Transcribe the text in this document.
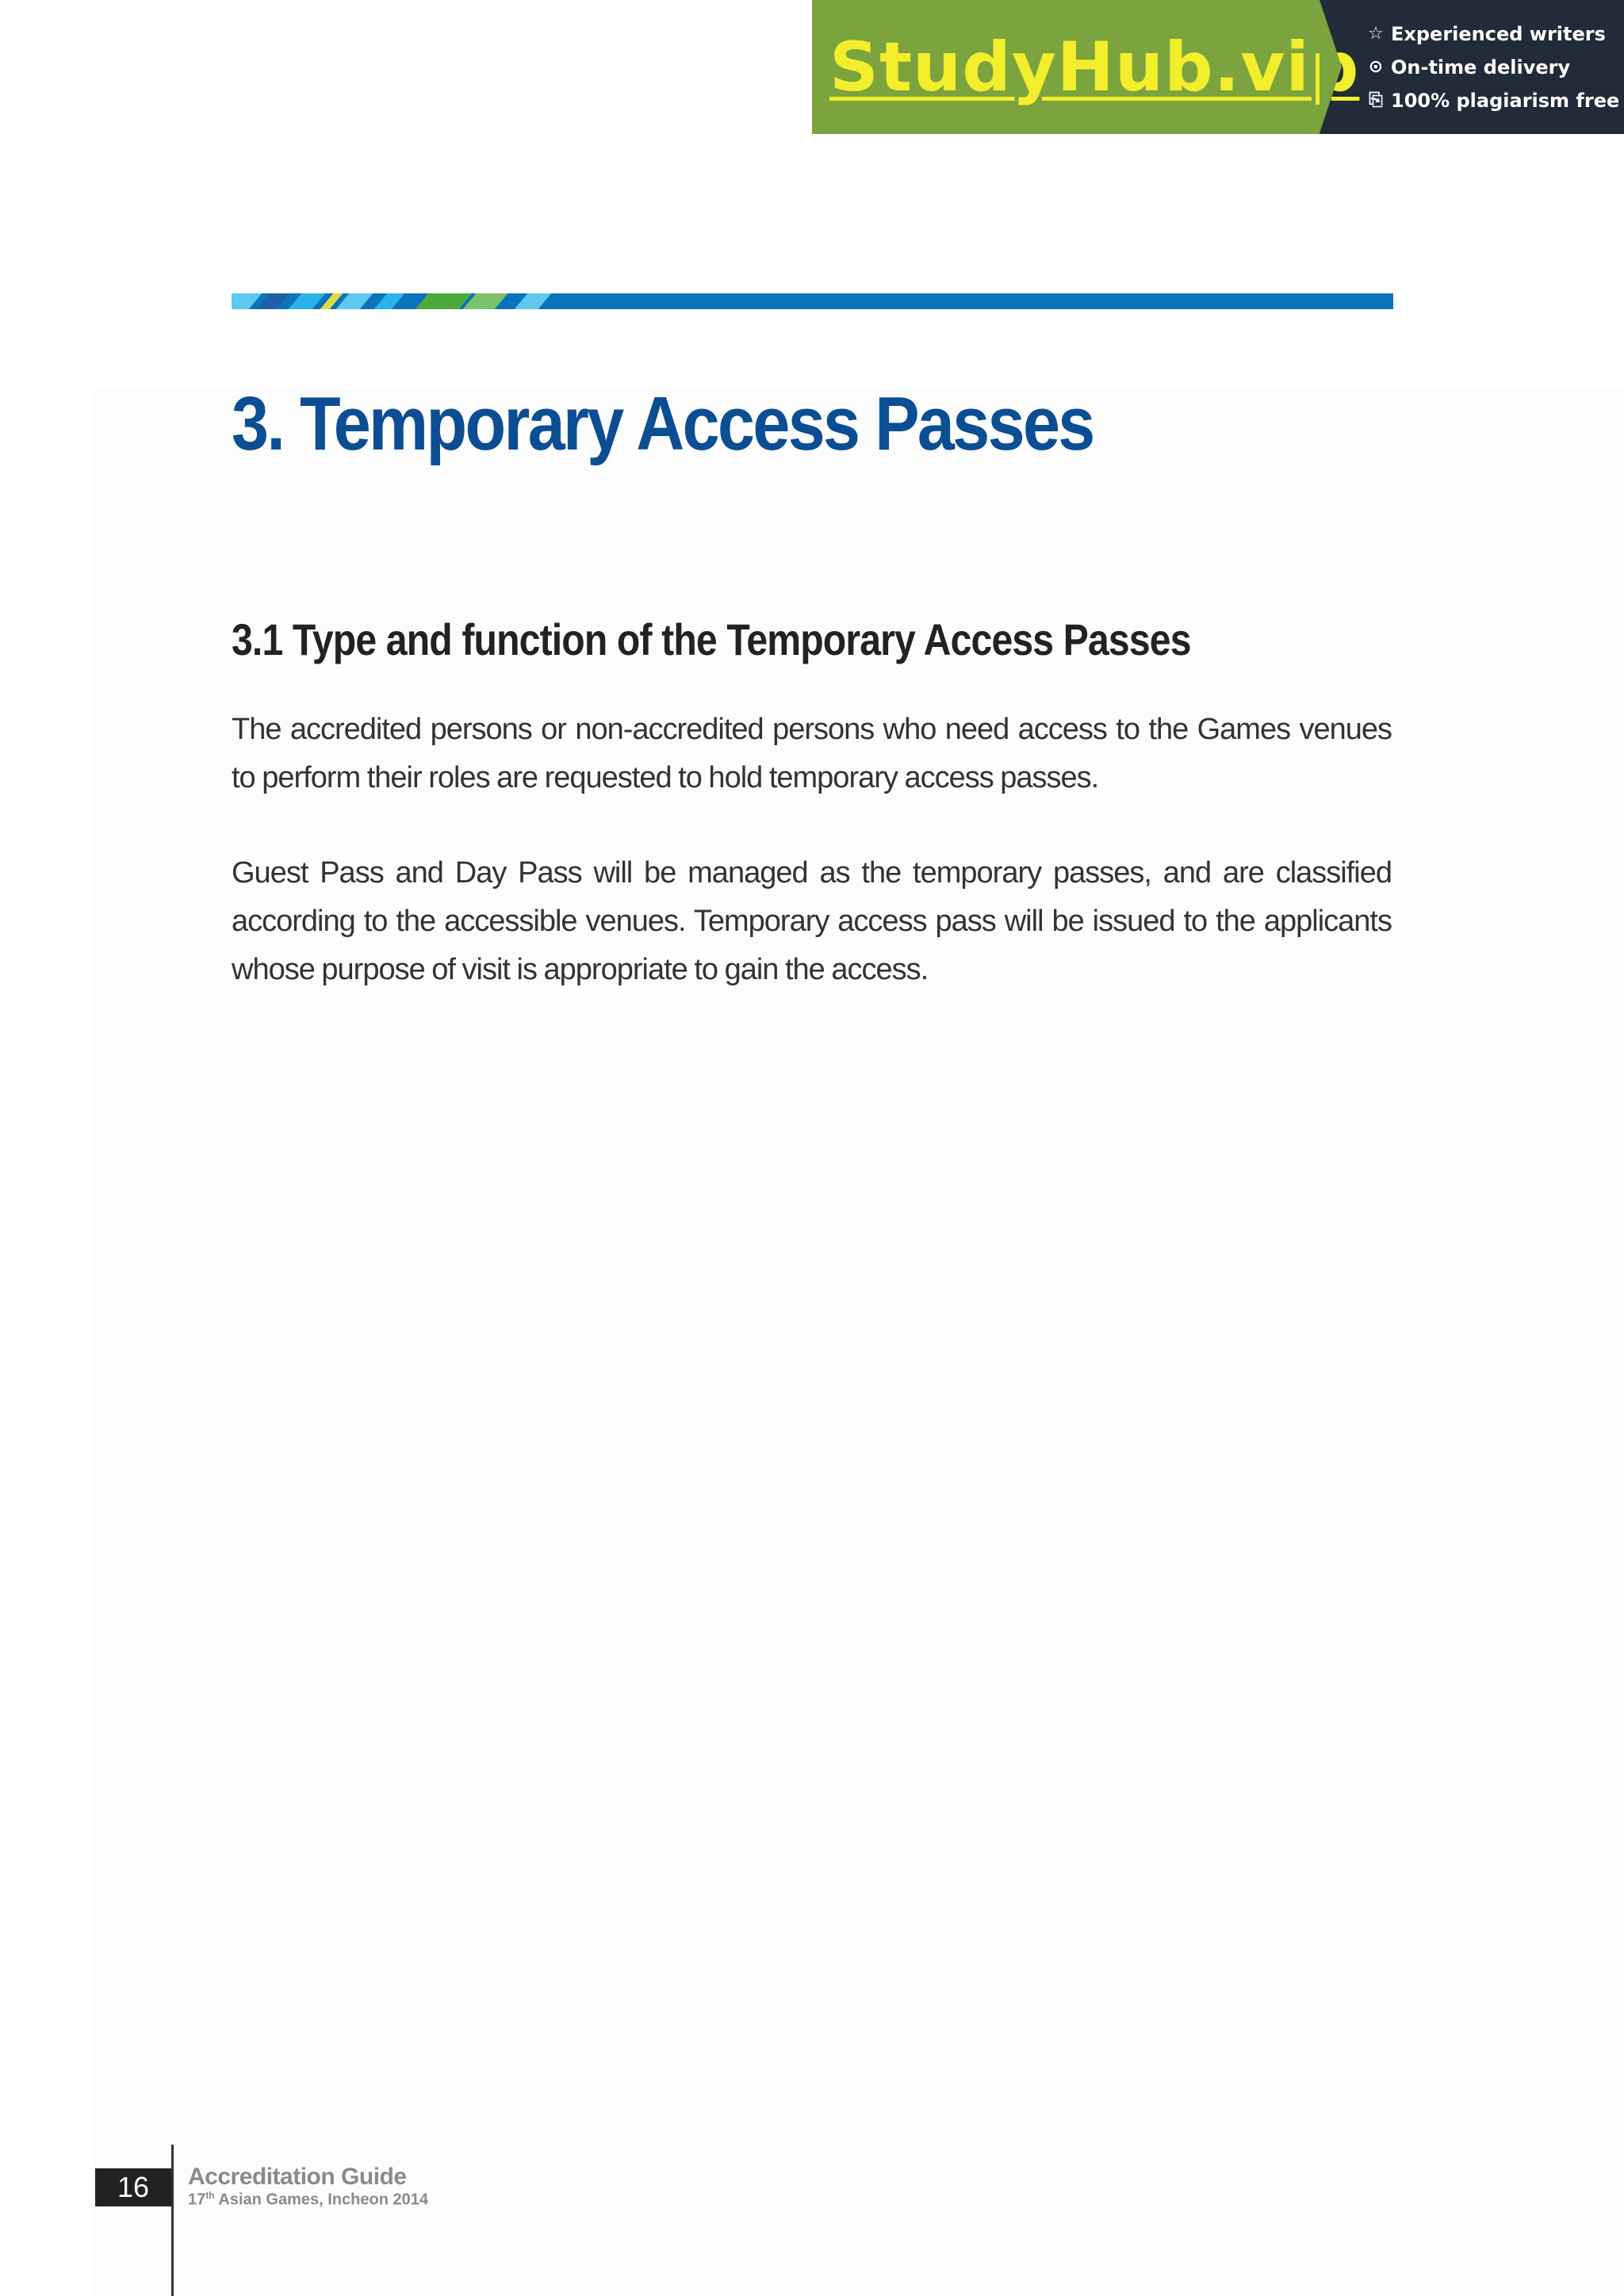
StudyHub.vip ☆ Experienced writers
⊙ On-time delivery
⎘ 100% plagiarism free
3. Temporary Access Passes
3.1 Type and function of the Temporary Access Passes

The accredited persons or non-accredited persons who need access to the Games venues to perform their roles are requested to hold temporary access passes.

Guest Pass and Day Pass will be managed as the temporary passes, and are classified according to the accessible venues. Temporary access pass will be issued to the applicants whose purpose of visit is appropriate to gain the access.

16	Accreditation Guide
17th Asian Games, Incheon 2014
